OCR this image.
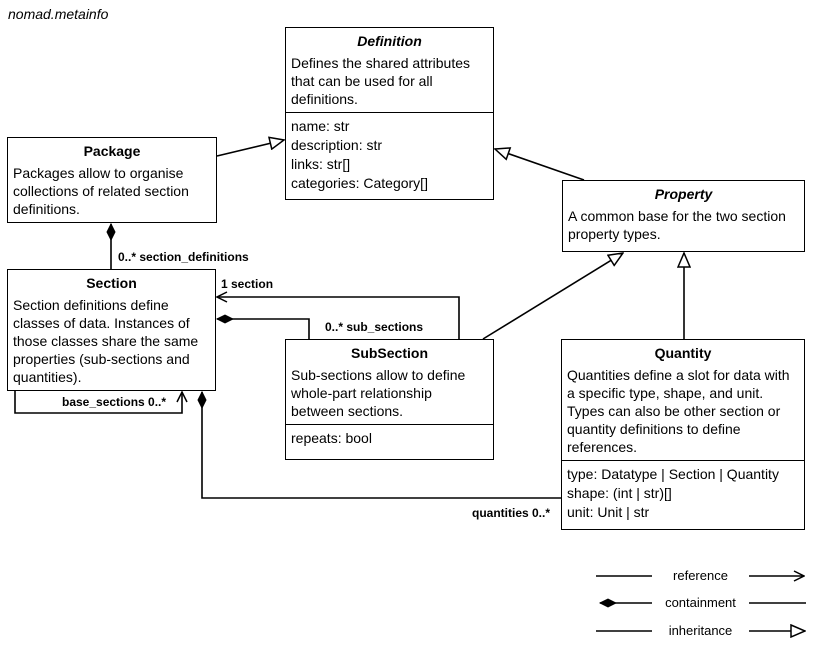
nomad.metainfo
Definition
Defines the shared attributes that can be used for all definitions.
name: str
description: str
links: str[]
categories: Category[]
Package
Packages allow to organise collections of related section definitions.
Property
A common base for the two section property types.
Section
Section definitions define classes of data. Instances of those classes share the same properties (sub-sections and quantities).
SubSection
Sub-sections allow to define whole-part relationship between sections.
repeats: bool
Quantity
Quantities define a slot for data with a specific type, shape, and unit. Types can also be other section or quantity definitions to define references.
type: Datatype | Section | Quantity
shape: (int | str)[]
unit: Unit | str
0..* section_definitions
1 section
0..* sub_sections
base_sections 0..*
quantities 0..*
reference
containment
inheritance
